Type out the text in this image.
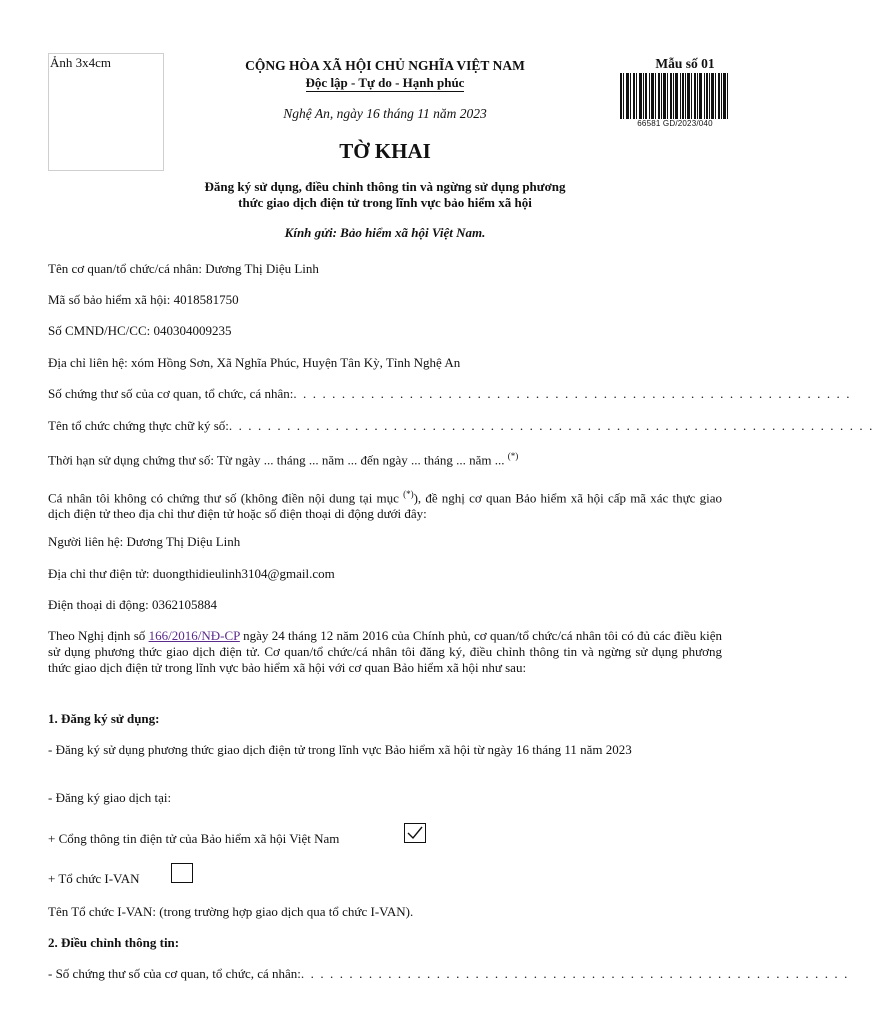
Ảnh 3x4cm	CỘNG HÒA XÃ HỘI CHỦ NGHĨA VIỆT NAM
Độc lập - Tự do - Hạnh phúc
Nghệ An, ngày 16 tháng 11 năm 2023
Mẫu số 01
66581 GD/2023/040
TỜ KHAI
Đăng ký sử dụng, điều chỉnh thông tin và ngừng sử dụng phương
thức giao dịch điện tử trong lĩnh vực bảo hiểm xã hội
Kính gửi: Bảo hiểm xã hội Việt Nam.
Tên cơ quan/tổ chức/cá nhân: Dương Thị Diệu Linh
Mã số bảo hiểm xã hội: 4018581750
Số CMND/HC/CC: 040304009235
Địa chỉ liên hệ: xóm Hồng Sơn, Xã Nghĩa Phúc, Huyện Tân Kỳ, Tỉnh Nghệ An
Số chứng thư số của cơ quan, tổ chức, cá nhân:. . . . . . . . . . . . . . . . . . . . . . . . . . . . . . . . . . . . . . . . . . . . . . . . . . . . . . . . . .
Tên tổ chức chứng thực chữ ký số:. . . . . . . . . . . . . . . . . . . . . . . . . . . . . . . . . . . . . . . . . . . . . . . . . . . . . . . . . . . . . . . . . . .
Thời hạn sử dụng chứng thư số: Từ ngày ... tháng ... năm ... đến ngày ... tháng ... năm ... (*)
Cá nhân tôi không có chứng thư số (không điền nội dung tại mục (*)), đề nghị cơ quan Bảo hiểm xã hội cấp mã xác thực giao dịch điện tử theo địa chỉ thư điện tử hoặc số điện thoại di động dưới đây:
Người liên hệ: Dương Thị Diệu Linh
Địa chỉ thư điện tử: duongthidieulinh3104@gmail.com
Điện thoại di động: 0362105884
Theo Nghị định số 166/2016/NĐ-CP ngày 24 tháng 12 năm 2016 của Chính phủ, cơ quan/tổ chức/cá nhân tôi có đủ các điều kiện sử dụng phương thức giao dịch điện tử. Cơ quan/tổ chức/cá nhân tôi đăng ký, điều chỉnh thông tin và ngừng sử dụng phương thức giao dịch điện tử trong lĩnh vực bảo hiểm xã hội với cơ quan Bảo hiểm xã hội như sau:
1. Đăng ký sử dụng:
- Đăng ký sử dụng phương thức giao dịch điện tử trong lĩnh vực Bảo hiểm xã hội từ ngày 16 tháng 11 năm 2023
- Đăng ký giao dịch tại:
+ Cổng thông tin điện tử của Bảo hiểm xã hội Việt Nam
+ Tổ chức I-VAN
Tên Tổ chức I-VAN: (trong trường hợp giao dịch qua tổ chức I-VAN).
2. Điều chỉnh thông tin:
- Số chứng thư số của cơ quan, tổ chức, cá nhân:. . . . . . . . . . . . . . . . . . . . . . . . . . . . . . . . . . . . . . . . . . . . . . . . . . . . . . . . .
